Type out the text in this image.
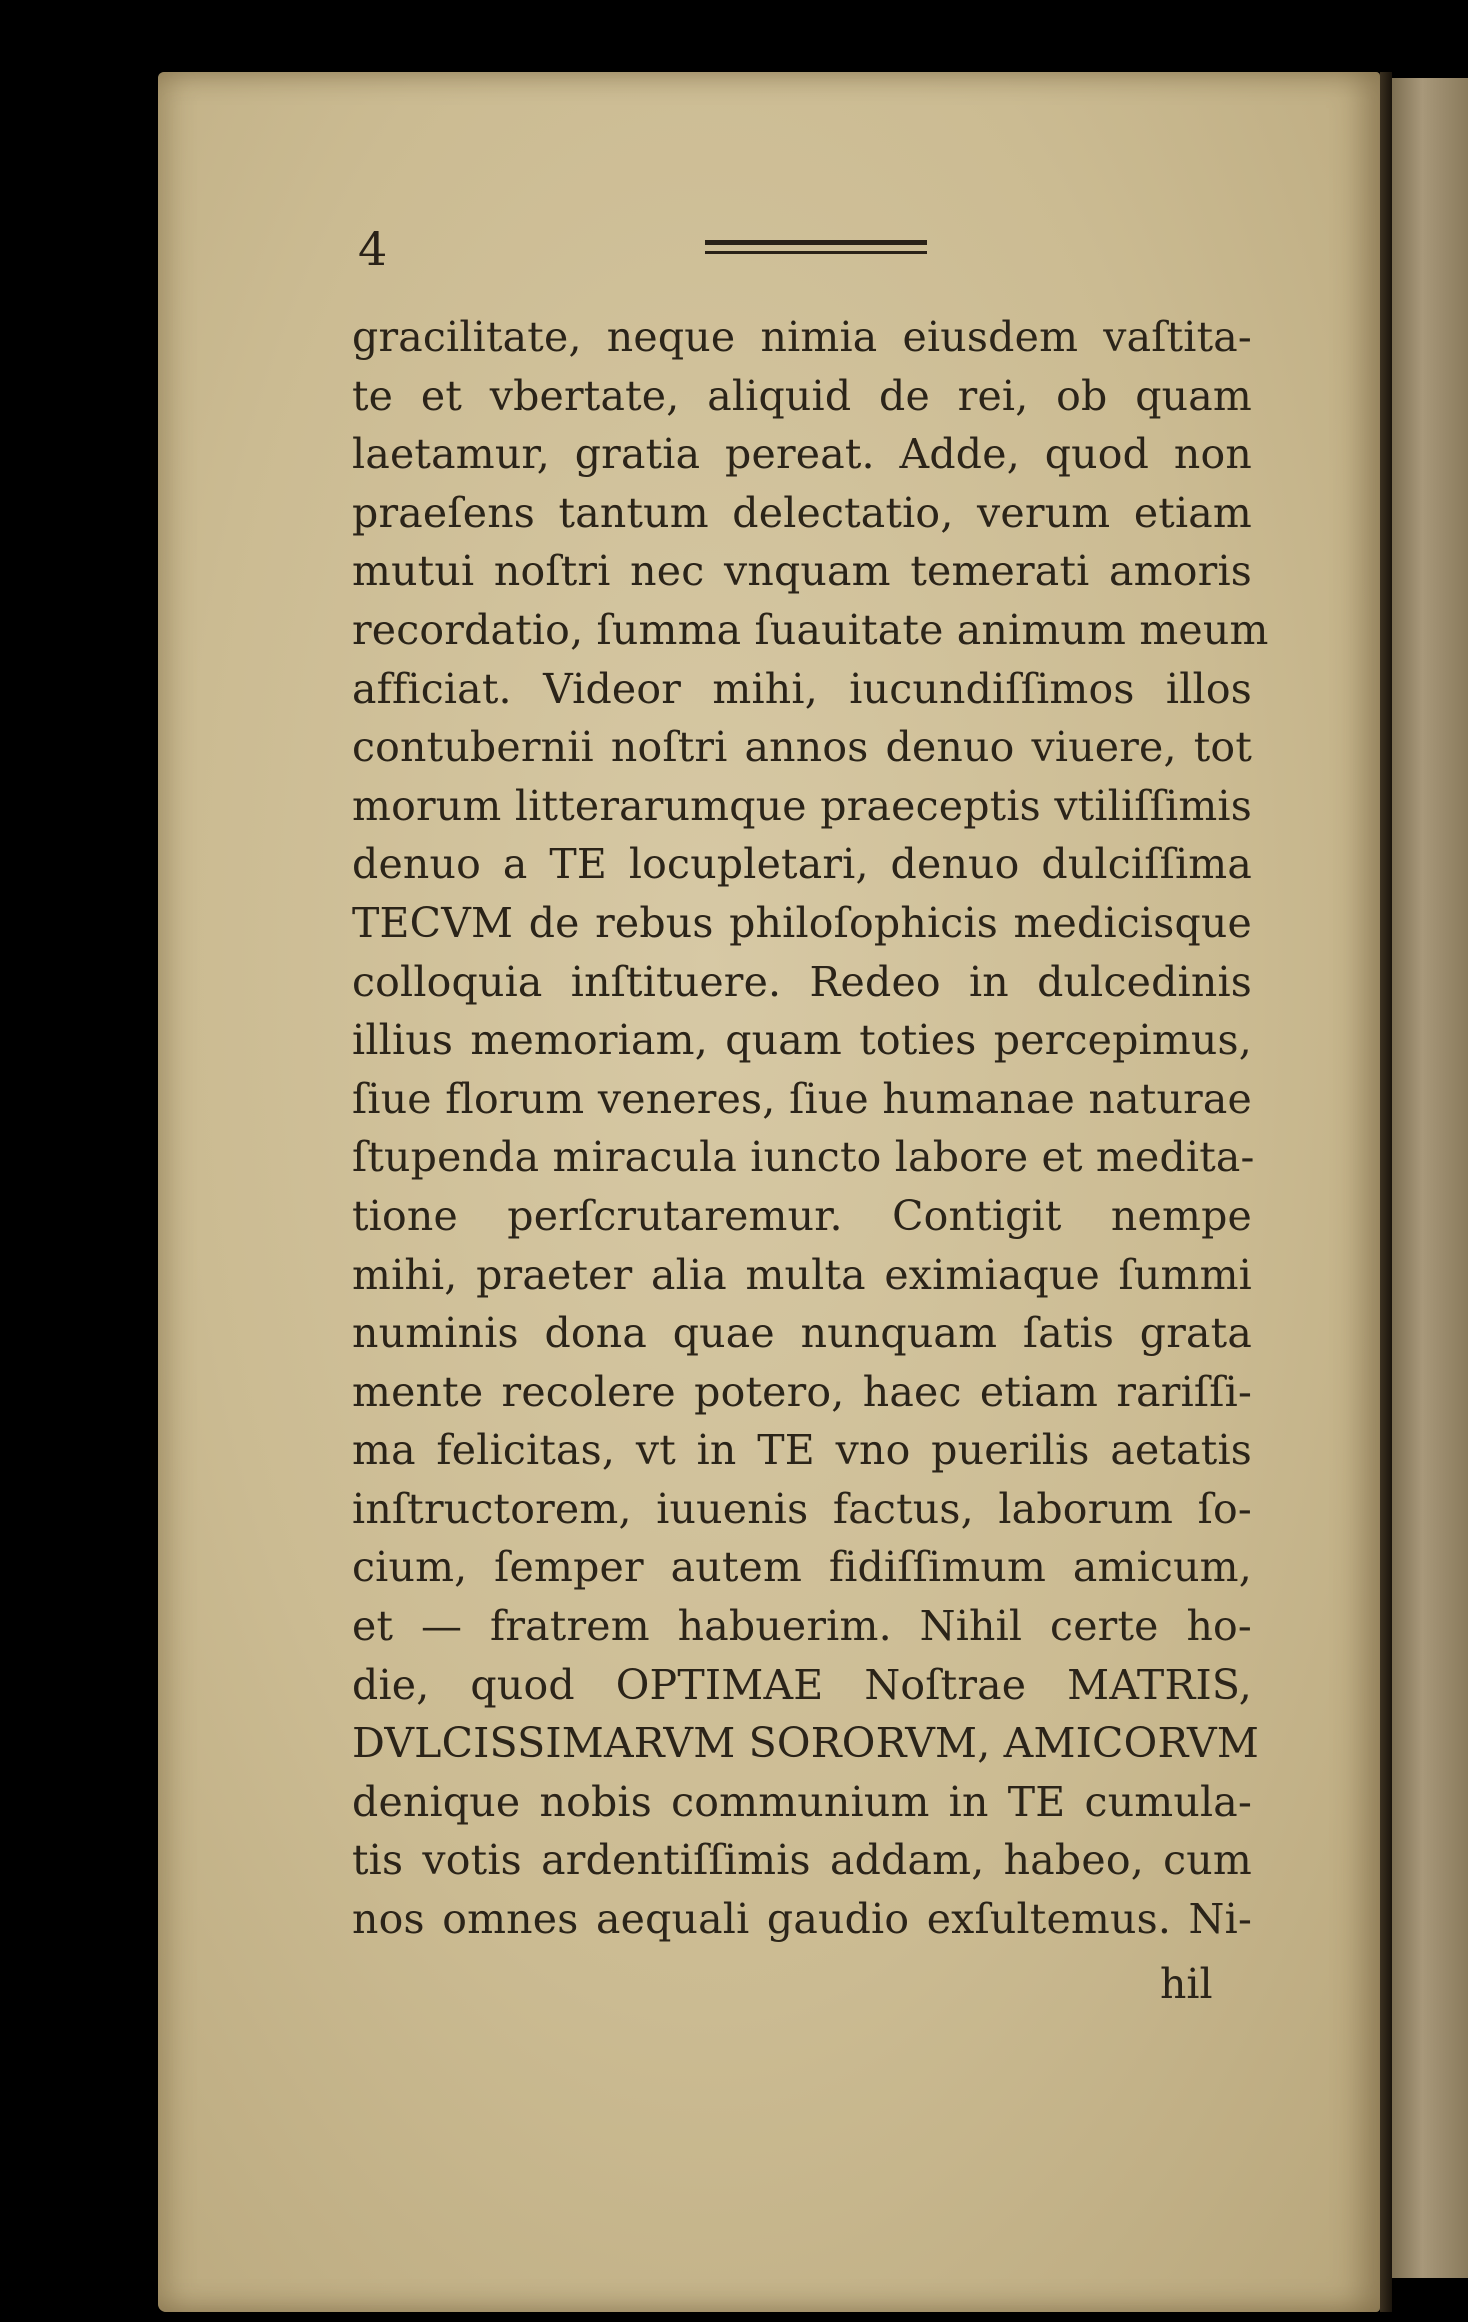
4
gracilitate, neque nimia eiusdem vaſtita-
te et vbertate, aliquid de rei, ob quam
laetamur, gratia pereat. Adde, quod non
praeſens tantum delectatio, verum etiam
mutui noſtri nec vnquam temerati amoris
recordatio, ſumma ſuauitate animum meum
afficiat. Videor mihi, iucundiſſimos illos
contubernii noſtri annos denuo viuere, tot
morum litterarumque praeceptis vtiliſſimis
denuo a TE locupletari, denuo dulciſſima
TECVM de rebus philoſophicis medicisque
colloquia inſtituere. Redeo in dulcedinis
illius memoriam, quam toties percepimus,
ſiue florum veneres, ſiue humanae naturae
ſtupenda miracula iuncto labore et medita-
tione perſcrutaremur. Contigit nempe
mihi, praeter alia multa eximiaque ſummi
numinis dona quae nunquam ſatis grata
mente recolere potero, haec etiam rariſſi-
ma felicitas, vt in TE vno puerilis aetatis
inſtructorem, iuuenis factus, laborum ſo-
cium, ſemper autem fidiſſimum amicum,
et — fratrem habuerim. Nihil certe ho-
die, quod OPTIMAE Noſtrae MATRIS,
DVLCISSIMARVM SORORVM, AMICORVM
denique nobis communium in TE cumula-
tis votis ardentiſſimis addam, habeo, cum
nos omnes aequali gaudio exſultemus. Ni-
hil
